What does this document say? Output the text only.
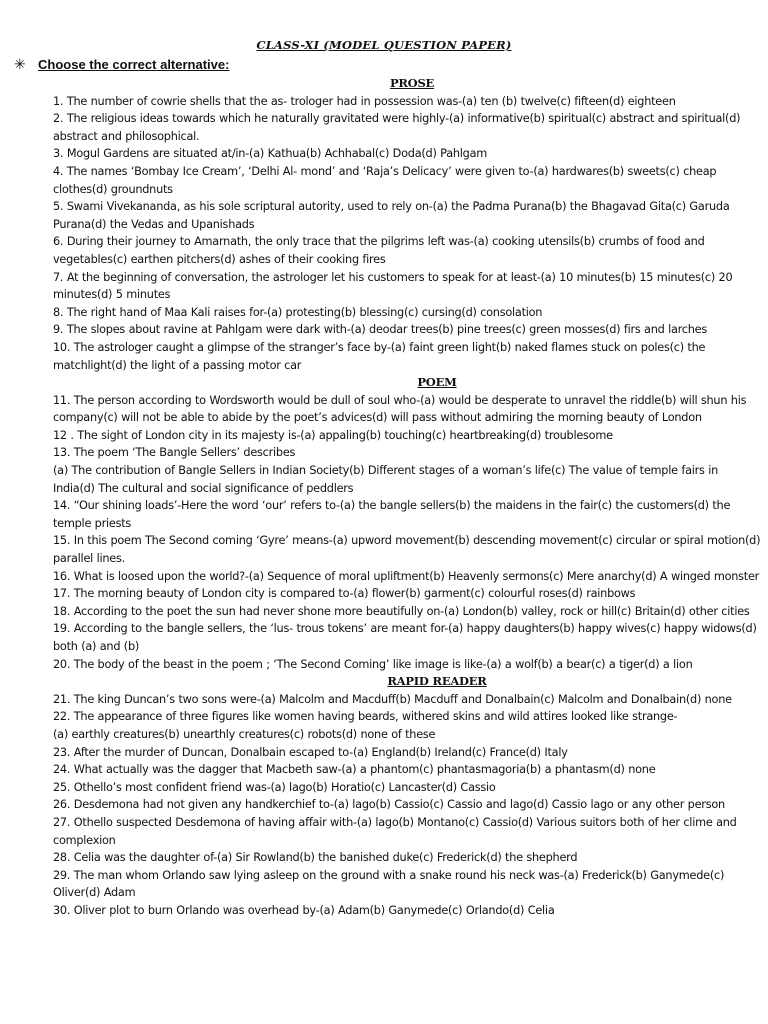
CLASS-XI (MODEL QUESTION PAPER)
✳ Choose the correct alternative:

PROSE

1. The number of cowrie shells that the as- trologer had in possession was-(a) ten (b) twelve(c) fifteen(d) eighteen

2. The religious ideas towards which he naturally gravitated were highly-(a) informative(b) spiritual(c) abstract and spiritual(d) abstract and philosophical.

3. Mogul Gardens are situated at/in-(a) Kathua(b) Achhabal(c) Doda(d) Pahlgam

4. The names ‘Bombay Ice Cream’, ‘Delhi Al- mond’ and ‘Raja’s Delicacy’ were given to-(a) hardwares(b) sweets(c) cheap clothes(d) groundnuts

5. Swami Vivekananda, as his sole scriptural autority, used to rely on-(a) the Padma Purana(b) the Bhagavad Gita(c) Garuda Purana(d) the Vedas and Upanishads

6. During their journey to Amarnath, the only trace that the pilgrims left was-(a) cooking utensils(b) crumbs of food and vegetables(c) earthen pitchers(d) ashes of their cooking fires

7. At the beginning of conversation, the astrologer let his customers to speak for at least-(a) 10 minutes(b) 15 minutes(c) 20 minutes(d) 5 minutes

8. The right hand of Maa Kali raises for-(a) protesting(b) blessing(c) cursing(d) consolation

9. The slopes about ravine at Pahlgam were dark with-(a) deodar trees(b) pine trees(c) green mosses(d) firs and larches

10. The astrologer caught a glimpse of the stranger’s face by-(a) faint green light(b) naked flames stuck on poles(c) the matchlight(d) the light of a passing motor car

POEM

11. The person according to Wordsworth would be dull of soul who-(a) would be desperate to unravel the riddle(b) will shun his company(c) will not be able to abide by the poet’s advices(d) will pass without admiring the morning beauty of London

12 . The sight of London city in its majesty is-(a) appaling(b) touching(c) heartbreaking(d) troublesome

13. The poem ‘The Bangle Sellers’ describes

(a) The contribution of Bangle Sellers in Indian Society(b) Different stages of a woman’s life(c) The value of temple fairs in India(d) The cultural and social significance of peddlers

14. “Our shining loads’-Here the word ‘our’ refers to-(a) the bangle sellers(b) the maidens in the fair(c) the customers(d) the temple priests

15. In this poem The Second coming ‘Gyre’ means-(a) upword movement(b) descending movement(c) circular or spiral motion(d) parallel lines.

16. What is loosed upon the world?-(a) Sequence of moral upliftment(b) Heavenly sermons(c) Mere anarchy(d) A winged monster

17. The morning beauty of London city is compared to-(a) flower(b) garment(c) colourful roses(d) rainbows

18. According to the poet the sun had never shone more beautifully on-(a) London(b) valley, rock or hill(c) Britain(d) other cities

19. According to the bangle sellers, the ‘lus- trous tokens’ are meant for-(a) happy daughters(b) happy wives(c) happy widows(d) both (a) and (b)

20. The body of the beast in the poem ; ‘The Second Coming’ like image is like-(a) a wolf(b) a bear(c) a tiger(d) a lion

RAPID READER

21. The king Duncan’s two sons were-(a) Malcolm and Macduff(b) Macduff and Donalbain(c) Malcolm and Donalbain(d) none

22. The appearance of three figures like women having beards, withered skins and wild attires looked like strange-

(a) earthly creatures(b) unearthly creatures(c) robots(d) none of these

23. After the murder of Duncan, Donalbain escaped to-(a) England(b) Ireland(c) France(d) Italy

24. What actually was the dagger that Macbeth saw-(a) a phantom(c) phantasmagoria(b) a phantasm(d) none

25. Othello’s most confident friend was-(a) lago(b) Horatio(c) Lancaster(d) Cassio

26. Desdemona had not given any handkerchief to-(a) lago(b) Cassio(c) Cassio and lago(d) Cassio lago or any other person

27. Othello suspected Desdemona of having affair with-(a) lago(b) Montano(c) Cassio(d) Various suitors both of her clime and complexion

28. Celia was the daughter of-(a) Sir Rowland(b) the banished duke(c) Frederick(d) the shepherd

29. The man whom Orlando saw lying asleep on the ground with a snake round his neck was-(a) Frederick(b) Ganymede(c) Oliver(d) Adam

30. Oliver plot to burn Orlando was overhead by-(a) Adam(b) Ganymede(c) Orlando(d) Celia
